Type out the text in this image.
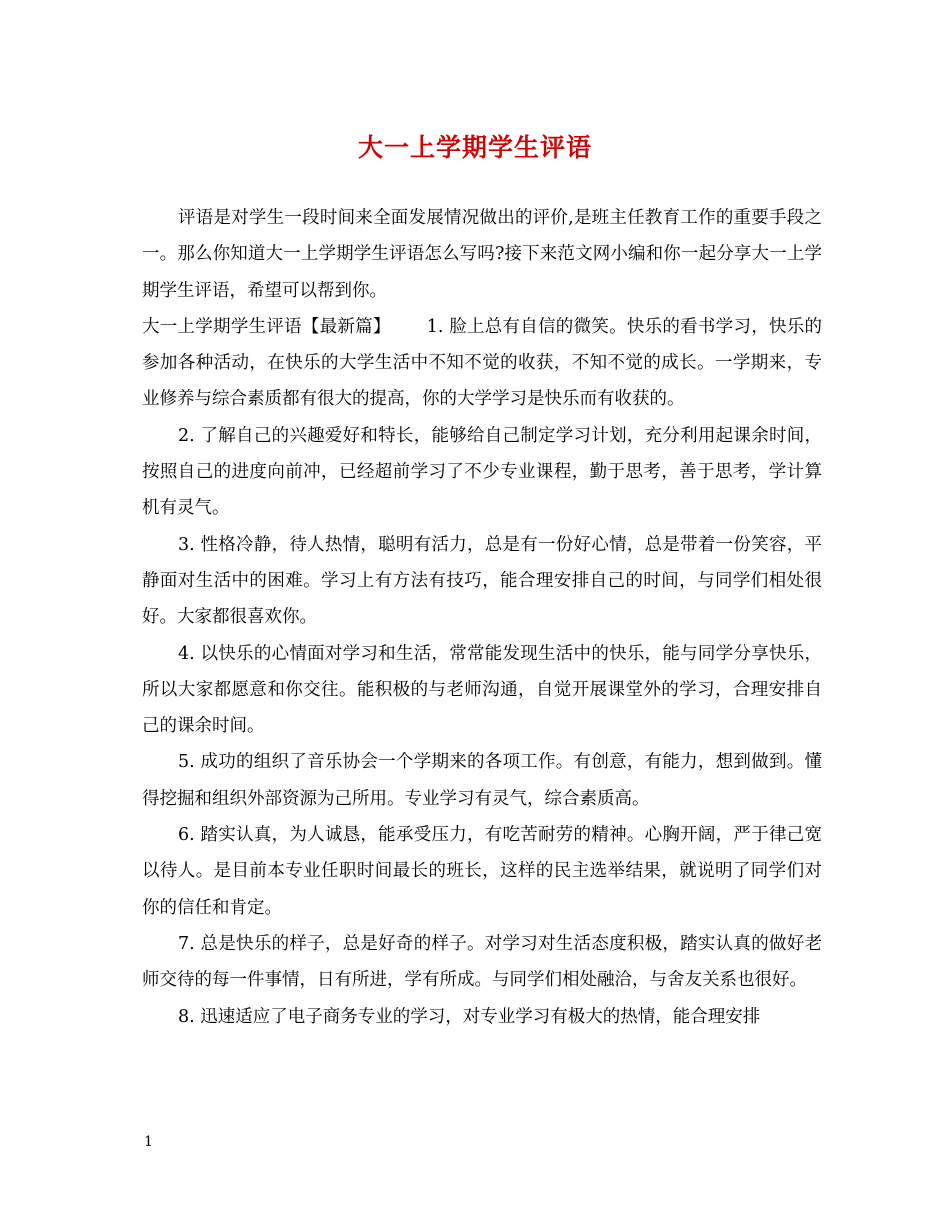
大一上学期学生评语

评语是对学生一段时间来全面发展情况做出的评价,是班主任教育工作的重要手段之一。那么你知道大一上学期学生评语怎么写吗?接下来范文网小编和你一起分享大一上学期学生评语，希望可以帮到你。

大一上学期学生评语【最新篇】 1. 脸上总有自信的微笑。快乐的看书学习，快乐的参加各种活动，在快乐的大学生活中不知不觉的收获，不知不觉的成长。一学期来，专业修养与综合素质都有很大的提高，你的大学学习是快乐而有收获的。

2. 了解自己的兴趣爱好和特长，能够给自己制定学习计划，充分利用起课余时间，按照自己的进度向前冲，已经超前学习了不少专业课程，勤于思考，善于思考，学计算机有灵气。

3. 性格冷静，待人热情，聪明有活力，总是有一份好心情，总是带着一份笑容，平静面对生活中的困难。学习上有方法有技巧，能合理安排自己的时间，与同学们相处很好。大家都很喜欢你。

4. 以快乐的心情面对学习和生活，常常能发现生活中的快乐，能与同学分享快乐，所以大家都愿意和你交往。能积极的与老师沟通，自觉开展课堂外的学习，合理安排自己的课余时间。

5. 成功的组织了音乐协会一个学期来的各项工作。有创意，有能力，想到做到。懂得挖掘和组织外部资源为己所用。专业学习有灵气，综合素质高。

6. 踏实认真，为人诚恳，能承受压力，有吃苦耐劳的精神。心胸开阔，严于律己宽以待人。是目前本专业任职时间最长的班长，这样的民主选举结果，就说明了同学们对你的信任和肯定。

7. 总是快乐的样子，总是好奇的样子。对学习对生活态度积极，踏实认真的做好老师交待的每一件事情，日有所进，学有所成。与同学们相处融洽，与舍友关系也很好。

8. 迅速适应了电子商务专业的学习，对专业学习有极大的热情，能合理安排

1
